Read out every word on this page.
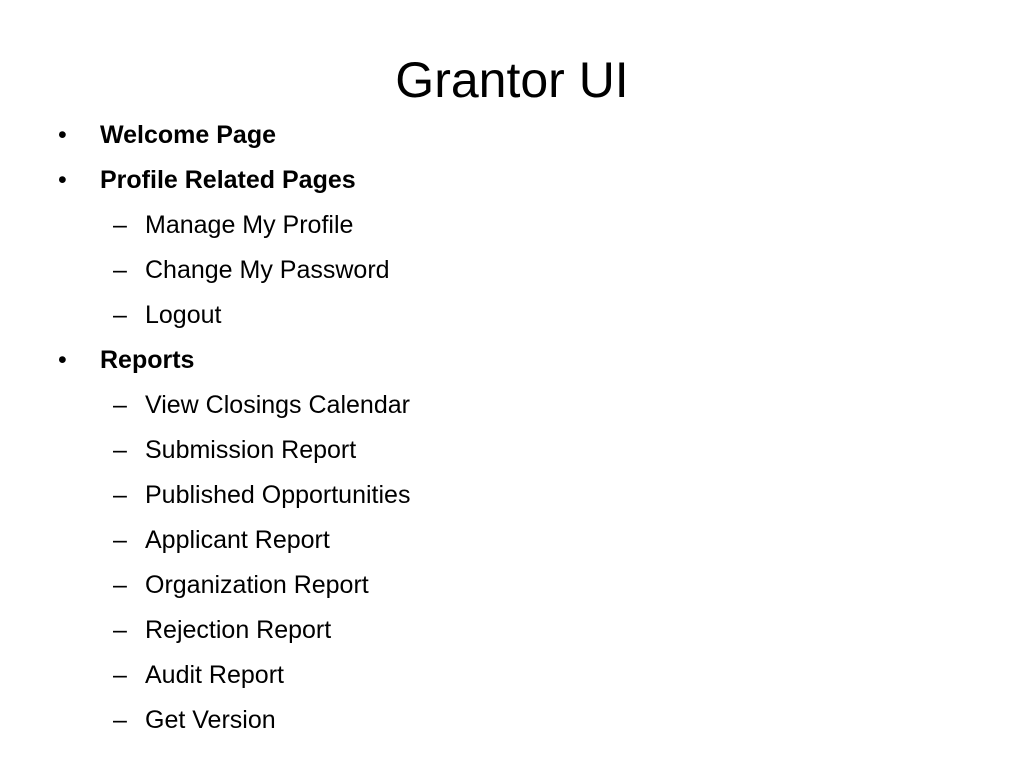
Grantor UI
• Welcome Page
• Profile Related Pages
– Manage My Profile
– Change My Password
– Logout
• Reports
– View Closings Calendar
– Submission Report
– Published Opportunities
– Applicant Report
– Organization Report
– Rejection Report
– Audit Report
– Get Version
